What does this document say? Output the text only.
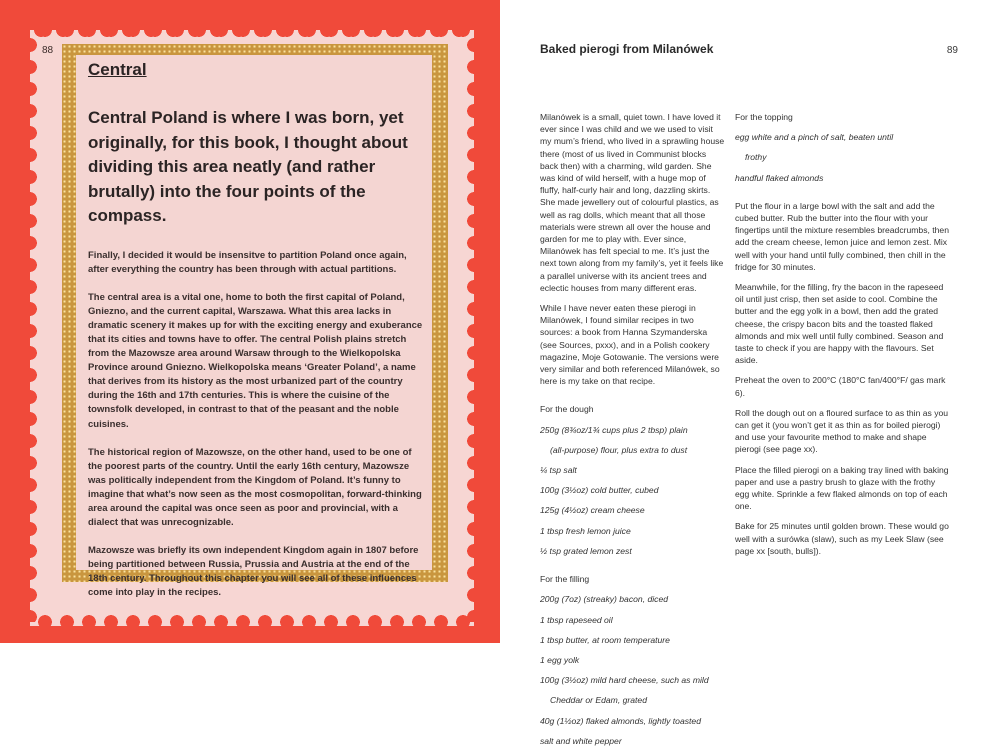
88
Central
Central Poland is where I was born, yet originally, for this book, I thought about dividing this area neatly (and rather brutally) into the four points of the compass.

Finally, I decided it would be insensitve to partition Poland once again, after everything the country has been through with actual partitions.

The central area is a vital one, home to both the first capital of Poland, Gniezno, and the current capital, Warszawa. What this area lacks in dramatic scenery it makes up for with the exciting energy and exuberance that its cities and towns have to offer. The central Polish plains stretch from the Mazowsze area around Warsaw through to the Wielkopolska Province around Gniezno. Wielkopolska means ‘Greater Poland’, a name that derives from its history as the most urbanized part of the country during the 16th and 17th centuries. This is where the cuisine of the townsfolk developed, in contrast to that of the peasant and the noble cuisines.

The historical region of Mazowsze, on the other hand, used to be one of the poorest parts of the country. Until the early 16th century, Mazowsze was politically independent from the Kingdom of Poland. It’s funny to imagine that what’s now seen as the most cosmopolitan, forward-thinking area around the capital was once seen as poor and provincial, with a dialect that was unrecognizable.

Mazowsze was briefly its own independent Kingdom again in 1807 before being partitioned between Russia, Prussia and Austria at the end of the 18th century. Throughout this chapter you will see all of these influences come into play in the recipes.

Baked pierogi from Milanówek	89

Milanówek is a small, quiet town. I have loved it ever since I was child and we we used to visit my mum’s friend, who lived in a sprawling house there (most of us lived in Communist blocks back then) with a charming, wild garden. She was kind of wild herself, with a huge mop of fluffy, half-curly hair and long, dazzling skirts. She made jewellery out of colourful plastics, as well as rag dolls, which meant that all those materials were strewn all over the house and garden for me to play with. Ever since, Milanówek has felt special to me. It’s just the next town along from my family’s, yet it feels like a parallel universe with its ancient trees and eclectic houses from many different eras.

While I have never eaten these pierogi in Milanówek, I found similar recipes in two sources: a book from Hanna Szymanderska (see Sources, pxxx), and in a Polish cookery magazine, Moje Gotowanie. The versions were very similar and both referenced Milanówek, so here is my take on that recipe.

For the dough

250g (8¾oz/1¾ cups plus 2 tbsp) plain

(all-purpose) flour, plus extra to dust

¼ tsp salt

100g (3½oz) cold butter, cubed

125g (4½oz) cream cheese

1 tbsp fresh lemon juice

½ tsp grated lemon zest

For the filling

200g (7oz) (streaky) bacon, diced

1 tbsp rapeseed oil

1 tbsp butter, at room temperature

1 egg yolk

100g (3½oz) mild hard cheese, such as mild

Cheddar or Edam, grated

40g (1½oz) flaked almonds, lightly toasted

salt and white pepper

For the topping

egg white and a pinch of salt, beaten until

frothy

handful flaked almonds

Put the flour in a large bowl with the salt and add the cubed butter. Rub the butter into the flour with your fingertips until the mixture resembles breadcrumbs, then add the cream cheese, lemon juice and lemon zest. Mix well with your hand until fully combined, then chill in the fridge for 30 minutes.

Meanwhile, for the filling, fry the bacon in the rapeseed oil until just crisp, then set aside to cool. Combine the butter and the egg yolk in a bowl, then add the grated cheese, the crispy bacon bits and the toasted flaked almonds and mix well until fully combined. Season and taste to check if you are happy with the flavours. Set aside.

Preheat the oven to 200°C (180°C fan/400°F/ gas mark 6).

Roll the dough out on a floured surface to as thin as you can get it (you won’t get it as thin as for boiled pierogi) and use your favourite method to make and shape pierogi (see page xx).

Place the filled pierogi on a baking tray lined with baking paper and use a pastry brush to glaze with the frothy egg white. Sprinkle a few flaked almonds on top of each one.

Bake for 25 minutes until golden brown. These would go well with a surówka (slaw), such as my Leek Slaw (see page xx [south, bulls]).
